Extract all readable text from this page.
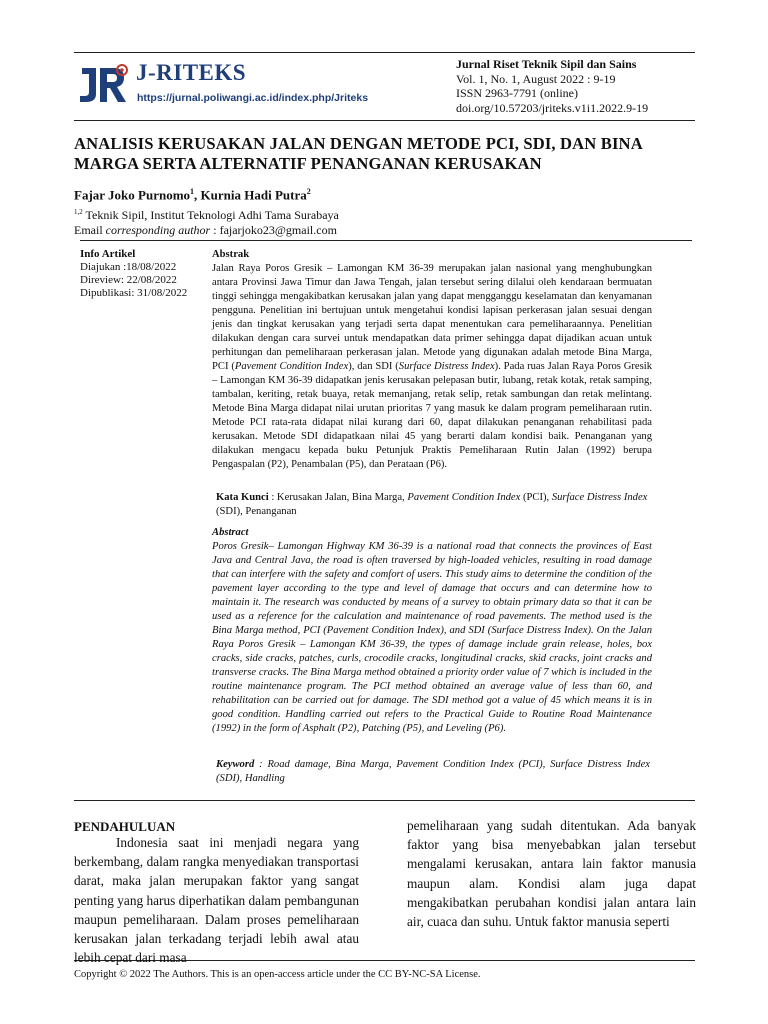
J-RITEKS
https://jurnal.poliwangi.ac.id/index.php/Jriteks
Jurnal Riset Teknik Sipil dan Sains
Vol. 1, No. 1, August 2022 : 9-19
ISSN 2963-7791 (online)
doi.org/10.57203/jriteks.v1i1.2022.9-19
ANALISIS KERUSAKAN JALAN DENGAN METODE PCI, SDI, DAN BINA MARGA SERTA ALTERNATIF PENANGANAN KERUSAKAN
Fajar Joko Purnomo$^1$, Kurnia Hadi Putra$^2$
$^{1,2}$ Teknik Sipil, Institut Teknologi Adhi Tama Surabaya
Email corresponding author : fajarjoko23@gmail.com
Info Artikel
Diajukan :18/08/2022
Direview: 22/08/2022
Dipublikasi: 31/08/2022
Abstrak
Jalan Raya Poros Gresik – Lamongan KM 36-39 merupakan jalan nasional yang menghubungkan antara Provinsi Jawa Timur dan Jawa Tengah, jalan tersebut sering dilalui oleh kendaraan bermuatan tinggi sehingga mengakibatkan kerusakan jalan yang dapat mengganggu keselamatan dan kenyamanan pengguna. Penelitian ini bertujuan untuk mengetahui kondisi lapisan perkerasan jalan sesuai dengan jenis dan tingkat kerusakan yang terjadi serta dapat menentukan cara pemeliharaannya. Penelitian dilakukan dengan cara survei untuk mendapatkan data primer sehingga dapat dijadikan acuan untuk perhitungan dan pemeliharaan perkerasan jalan. Metode yang digunakan adalah metode Bina Marga, PCI (Pavement Condition Index), dan SDI (Surface Distress Index). Pada ruas Jalan Raya Poros Gresik – Lamongan KM 36-39 didapatkan jenis kerusakan pelepasan butir, lubang, retak kotak, retak samping, tambalan, keriting, retak buaya, retak memanjang, retak selip, retak sambungan dan retak melintang. Metode Bina Marga didapat nilai urutan prioritas 7 yang masuk ke dalam program pemeliharaan rutin. Metode PCI rata-rata didapat nilai kurang dari 60, dapat dilakukan penanganan rehabilitasi pada kerusakan. Metode SDI didapatkaan nilai 45 yang berarti dalam kondisi baik. Penanganan yang dilakukan mengacu kepada buku Petunjuk Praktis Pemeliharaan Rutin Jalan (1992) berupa Pengaspalan (P2), Penambalan (P5), dan Perataan (P6).
Kata Kunci : Kerusakan Jalan, Bina Marga, Pavement Condition Index (PCI), Surface Distress Index (SDI), Penanganan
Abstract
Poros Gresik– Lamongan Highway KM 36-39 is a national road that connects the provinces of East Java and Central Java, the road is often traversed by high-loaded vehicles, resulting in road damage that can interfere with the safety and comfort of users. This study aims to determine the condition of the pavement layer according to the type and level of damage that occurs and can determine how to maintain it. The research was conducted by means of a survey to obtain primary data so that it can be used as a reference for the calculation and maintenance of road pavements. The method used is the Bina Marga method, PCI (Pavement Condition Index), and SDI (Surface Distress Index). On the Jalan Raya Poros Gresik – Lamongan KM 36-39, the types of damage include grain release, holes, box cracks, side cracks, patches, curls, crocodile cracks, longitudinal cracks, skid cracks, joint cracks and transverse cracks. The Bina Marga method obtained a priority order value of 7 which is included in the routine maintenance program. The PCI method obtained an average value of less than 60, and rehabilitation can be carried out for damage. The SDI method got a value of 45 which means it is in good condition. Handling carried out refers to the Practical Guide to Routine Road Maintenance (1992) in the form of Asphalt (P2), Patching (P5), and Leveling (P6).
Keyword : Road damage, Bina Marga, Pavement Condition Index (PCI), Surface Distress Index (SDI), Handling
PENDAHULUAN
Indonesia saat ini menjadi negara yang berkembang, dalam rangka menyediakan transportasi darat, maka jalan merupakan faktor yang sangat penting yang harus diperhatikan dalam pembangunan maupun pemeliharaan. Dalam proses pemeliharaan kerusakan jalan terkadang terjadi lebih awal atau lebih cepat dari masa
pemeliharaan yang sudah ditentukan. Ada banyak faktor yang bisa menyebabkan jalan tersebut mengalami kerusakan, antara lain faktor manusia maupun alam. Kondisi alam juga dapat mengakibatkan perubahan kondisi jalan antara lain air, cuaca dan suhu. Untuk faktor manusia seperti
Copyright © 2022 The Authors. This is an open-access article under the CC BY-NC-SA License.
